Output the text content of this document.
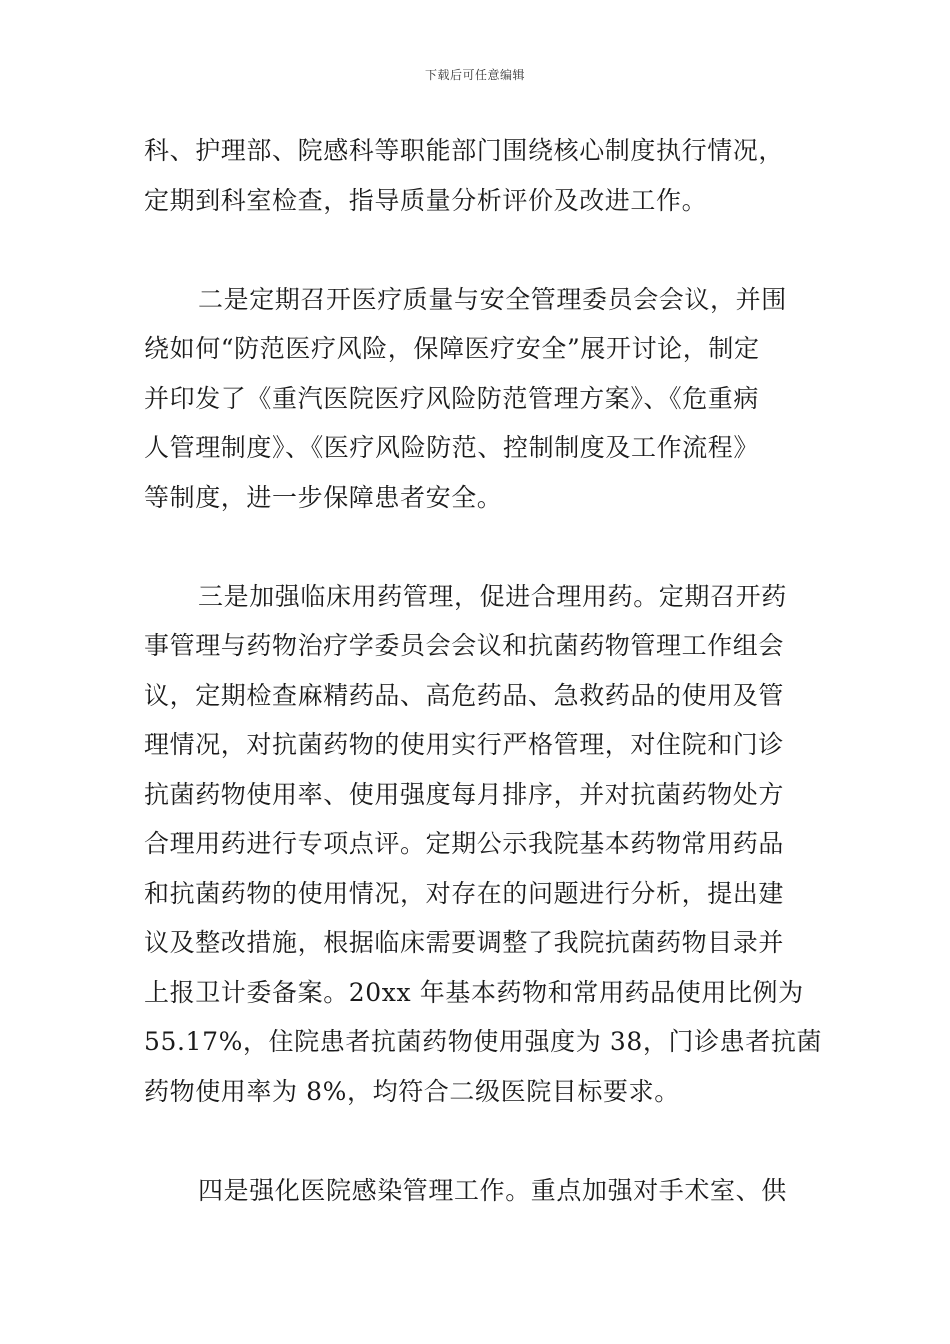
下载后可任意编辑
科、护理部、院感科等职能部门围绕核心制度执行情况，
定期到科室检查，指导质量分析评价及改进工作。
二是定期召开医疗质量与安全管理委员会会议，并围
绕如何“防范医疗风险，保障医疗安全”展开讨论，制定
并印发了《重汽医院医疗风险防范管理方案》、《危重病
人管理制度》、《医疗风险防范、控制制度及工作流程》
等制度，进一步保障患者安全。
三是加强临床用药管理，促进合理用药。定期召开药
事管理与药物治疗学委员会会议和抗菌药物管理工作组会
议，定期检查麻精药品、高危药品、急救药品的使用及管
理情况，对抗菌药物的使用实行严格管理，对住院和门诊
抗菌药物使用率、使用强度每月排序，并对抗菌药物处方
合理用药进行专项点评。定期公示我院基本药物常用药品
和抗菌药物的使用情况，对存在的问题进行分析，提出建
议及整改措施，根据临床需要调整了我院抗菌药物目录并
上报卫计委备案。20xx 年基本药物和常用药品使用比例为
55.17%，住院患者抗菌药物使用强度为 38，门诊患者抗菌
药物使用率为 8%，均符合二级医院目标要求。
四是强化医院感染管理工作。重点加强对手术室、供
